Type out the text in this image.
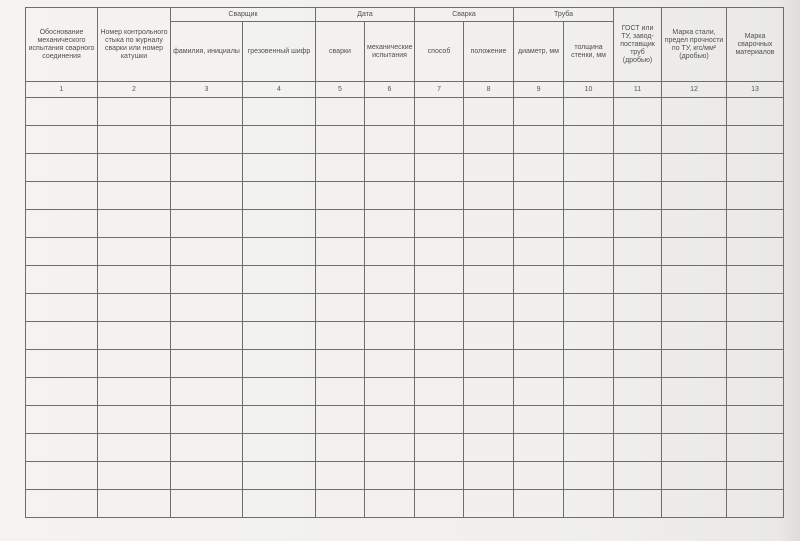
Обоснование механического испытания сварного соединения	Номер контрольного стыка по журналу сварки или номер катушки	Сварщик		Дата		Сварка		Труба		ГОСТ или ТУ, завод-поставщик труб (дробью)	Марка стали, предел прочности по ТУ, кгс/мм² (дробью)	Марка сварочных материалов
		фамилия, инициалы	грезовенный шифр	сварки	механические испытания	способ	положение	диаметр, мм	толщина стенки, мм			
1	2	3	4	5	6	7	8	9	10	11	12	13
